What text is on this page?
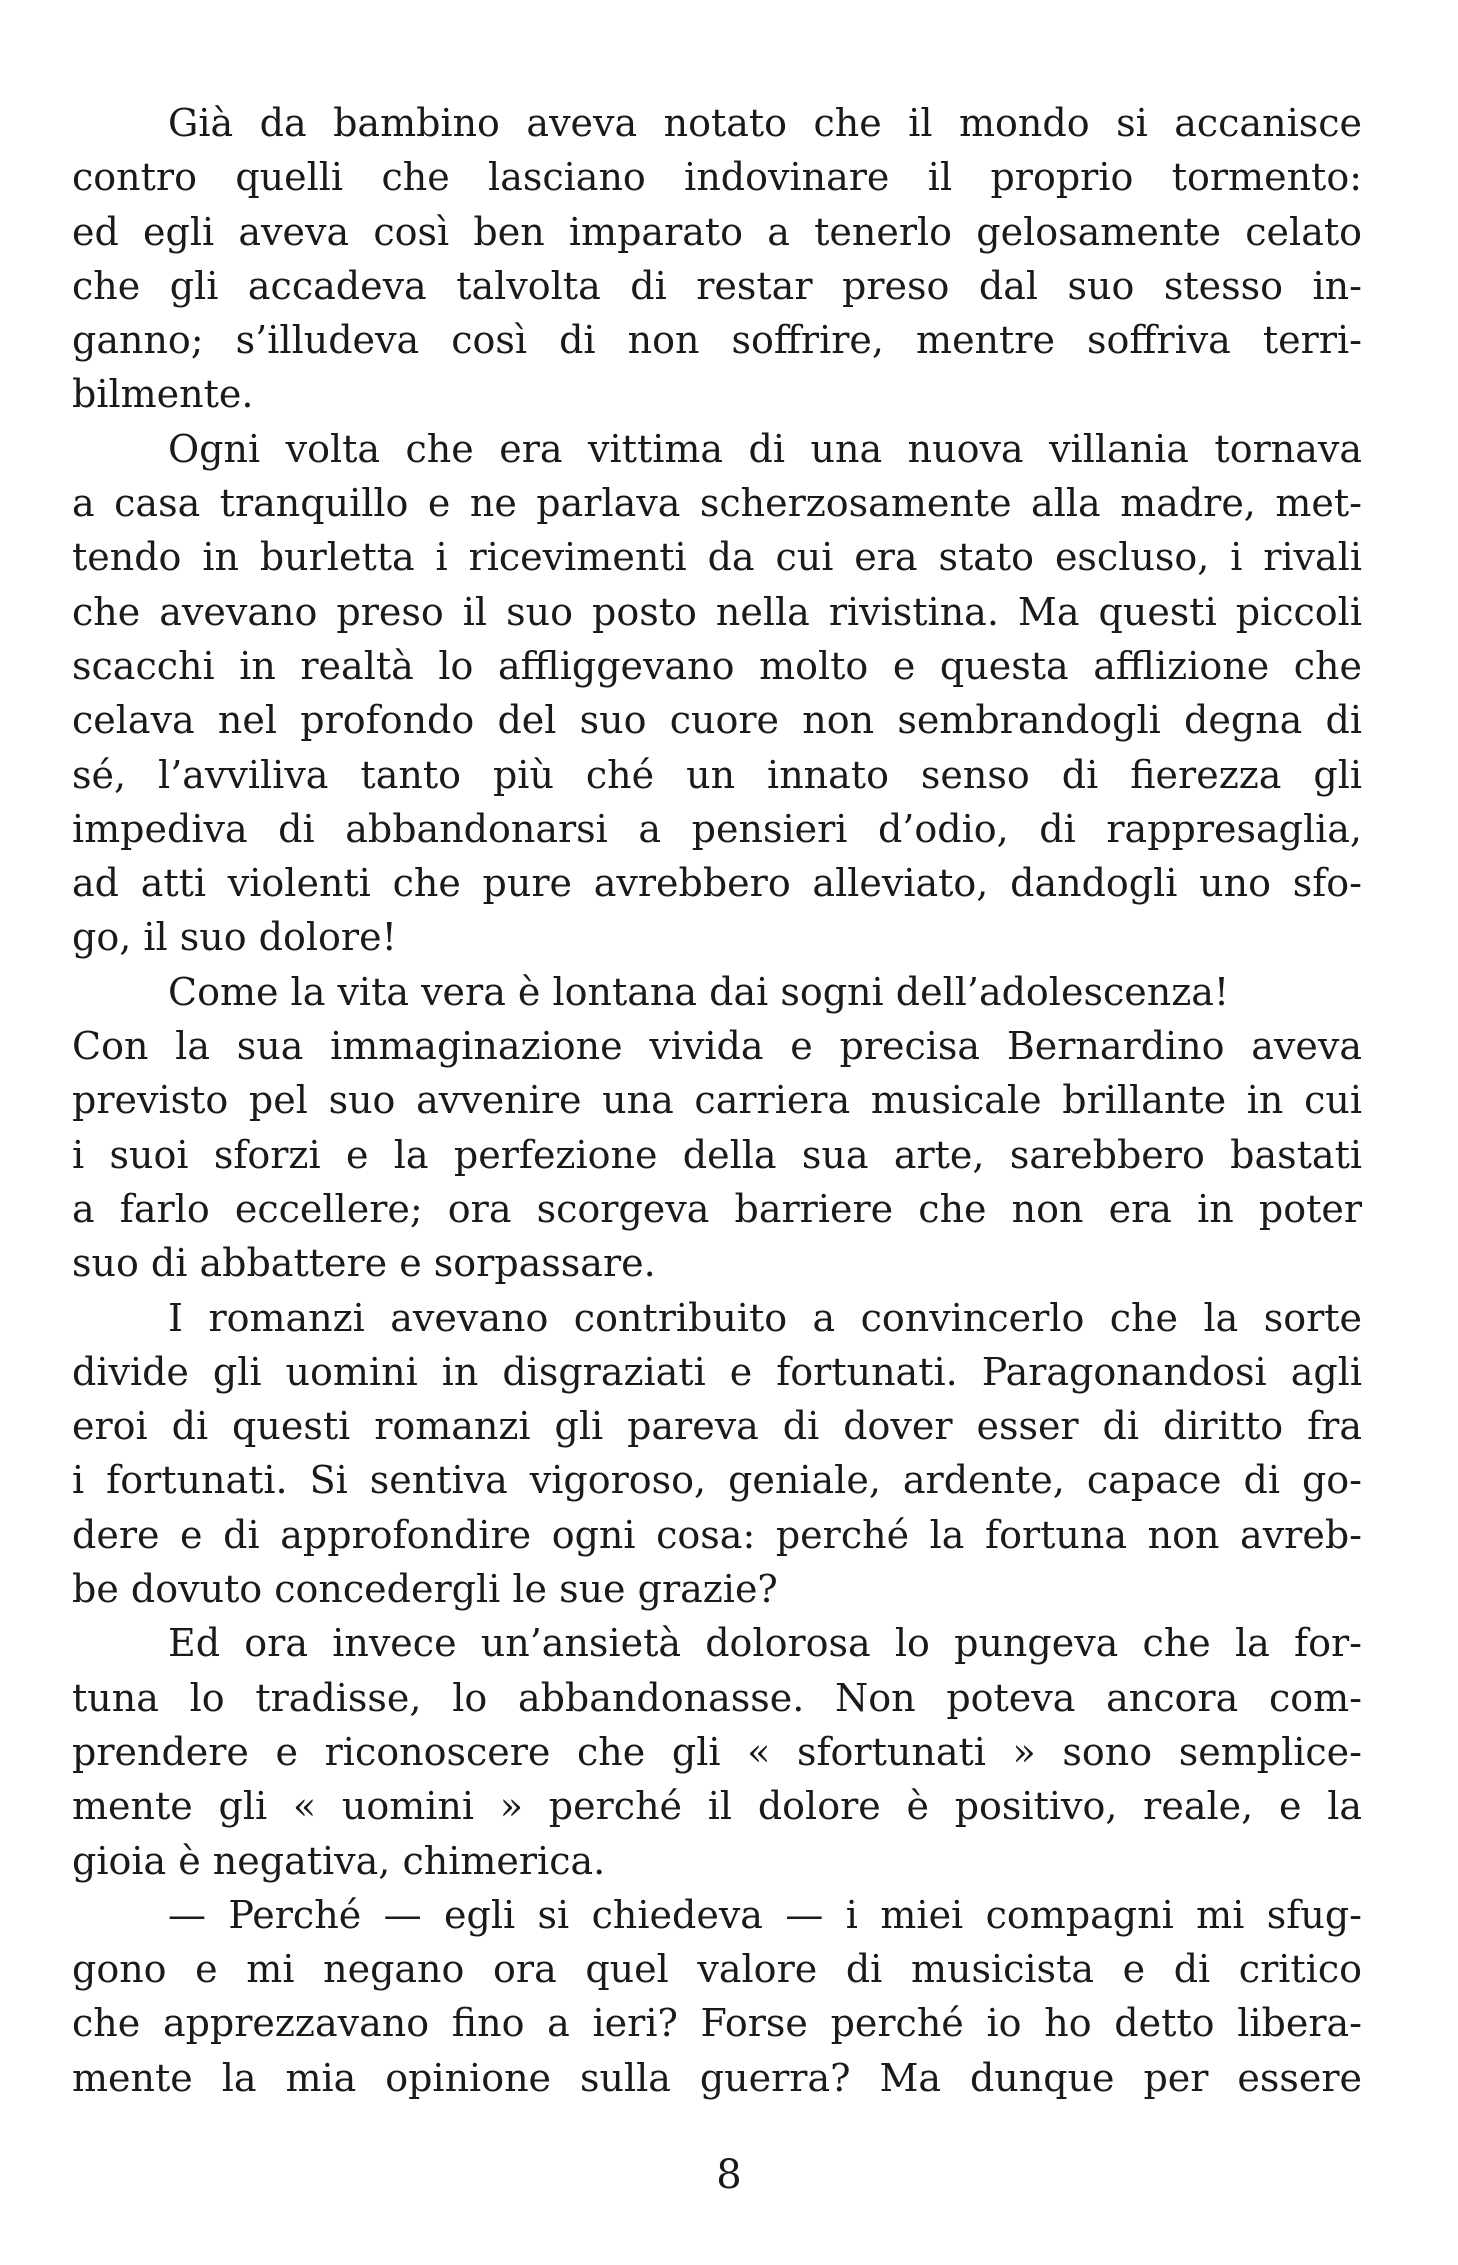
Già da bambino aveva notato che il mondo si accanisce
contro quelli che lasciano indovinare il proprio tormento:
ed egli aveva così ben imparato a tenerlo gelosamente celato
che gli accadeva talvolta di restar preso dal suo stesso in-
ganno; s’illudeva così di non soffrire, mentre soffriva terri-
bilmente.
Ogni volta che era vittima di una nuova villania tornava
a casa tranquillo e ne parlava scherzosamente alla madre, met-
tendo in burletta i ricevimenti da cui era stato escluso, i rivali
che avevano preso il suo posto nella rivistina. Ma questi piccoli
scacchi in realtà lo affliggevano molto e questa afflizione che
celava nel profondo del suo cuore non sembrandogli degna di
sé, l’avviliva tanto più ché un innato senso di fierezza gli
impediva di abbandonarsi a pensieri d’odio, di rappresaglia,
ad atti violenti che pure avrebbero alleviato, dandogli uno sfo-
go, il suo dolore!
Come la vita vera è lontana dai sogni dell’adolescenza!
Con la sua immaginazione vivida e precisa Bernardino aveva
previsto pel suo avvenire una carriera musicale brillante in cui
i suoi sforzi e la perfezione della sua arte, sarebbero bastati
a farlo eccellere; ora scorgeva barriere che non era in poter
suo di abbattere e sorpassare.
I romanzi avevano contribuito a convincerlo che la sorte
divide gli uomini in disgraziati e fortunati. Paragonandosi agli
eroi di questi romanzi gli pareva di dover esser di diritto fra
i fortunati. Si sentiva vigoroso, geniale, ardente, capace di go-
dere e di approfondire ogni cosa: perché la fortuna non avreb-
be dovuto concedergli le sue grazie?
Ed ora invece un’ansietà dolorosa lo pungeva che la for-
tuna lo tradisse, lo abbandonasse. Non poteva ancora com-
prendere e riconoscere che gli « sfortunati » sono semplice-
mente gli « uomini » perché il dolore è positivo, reale, e la
gioia è negativa, chimerica.
— Perché — egli si chiedeva — i miei compagni mi sfug-
gono e mi negano ora quel valore di musicista e di critico
che apprezzavano fino a ieri? Forse perché io ho detto libera-
mente la mia opinione sulla guerra? Ma dunque per essere
8
